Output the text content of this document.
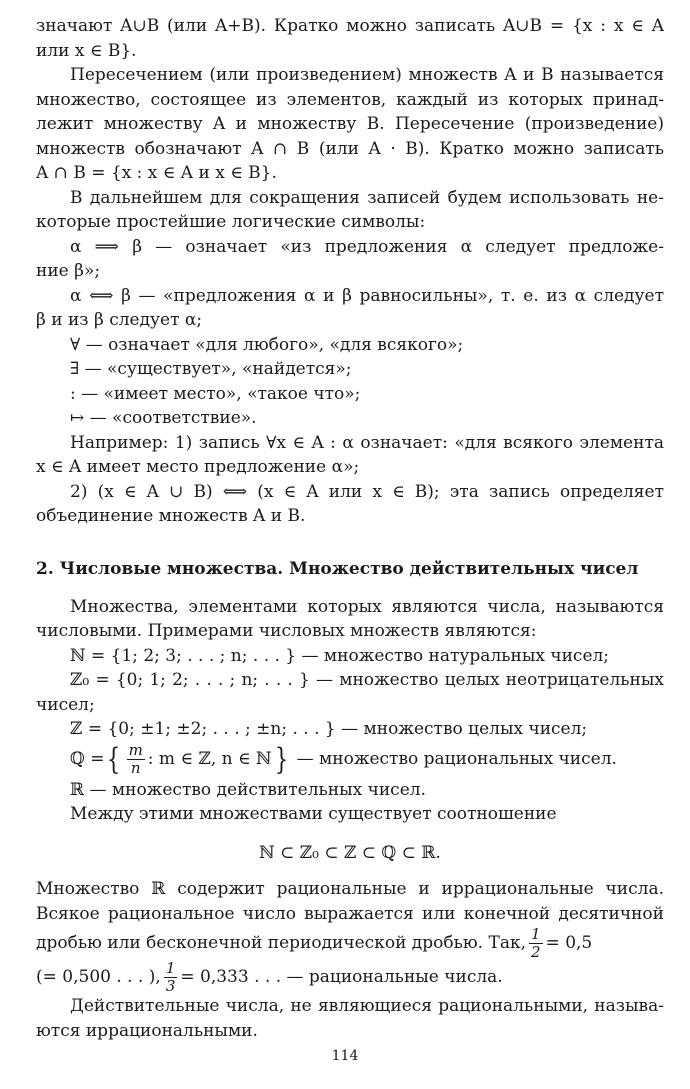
значают A∪B (или A+B). Кратко можно записать A∪B = {x : x ∈ A
или x ∈ B}.
Пересечением (или произведением) множеств A и B называется
множество, состоящее из элементов, каждый из которых принад-
лежит множеству A и множеству B. Пересечение (произведение)
множеств обозначают A ∩ B (или A · B). Кратко можно записать
A ∩ B = {x : x ∈ A и x ∈ B}.
В дальнейшем для сокращения записей будем использовать не-
которые простейшие логические символы:
α ⟹ β — означает «из предложения α следует предложе-
ние β»;
α ⟺ β — «предложения α и β равносильны», т. е. из α следует
β и из β следует α;
∀ — означает «для любого», «для всякого»;
∃ — «существует», «найдется»;
: — «имеет место», «такое что»;
↦ — «соответствие».
Например: 1) запись ∀x ∈ A : α означает: «для всякого элемента
x ∈ A имеет место предложение α»;
2) (x ∈ A ∪ B) ⟺ (x ∈ A или x ∈ B); эта запись определяет
объединение множеств A и B.
2. Числовые множества. Множество действительных чисел
Множества, элементами которых являются числа, называются
числовыми. Примерами числовых множеств являются:
ℕ = {1; 2; 3; . . . ; n; . . . } — множество натуральных чисел;
ℤ₀ = {0; 1; 2; . . . ; n; . . . } — множество целых неотрицательных
чисел;
ℤ = {0; ±1; ±2; . . . ; ±n; . . . } — множество целых чисел;
ℚ = { $\frac{m}{n}$ : m ∈ ℤ, n ∈ ℕ } — множество рациональных чисел.
ℝ — множество действительных чисел.
Между этими множествами существует соотношение
ℕ ⊂ ℤ₀ ⊂ ℤ ⊂ ℚ ⊂ ℝ.
Множество ℝ содержит рациональные и иррациональные числа.
Всякое рациональное число выражается или конечной десятичной
дробью или бесконечной периодической дробью. Так, $\frac{1}{2} = 0,5$
(= 0,500 . . . ), $\frac{1}{3} = 0,333$ . . . — рациональные числа.
Действительные числа, не являющиеся рациональными, называ-
ются иррациональными.
114
